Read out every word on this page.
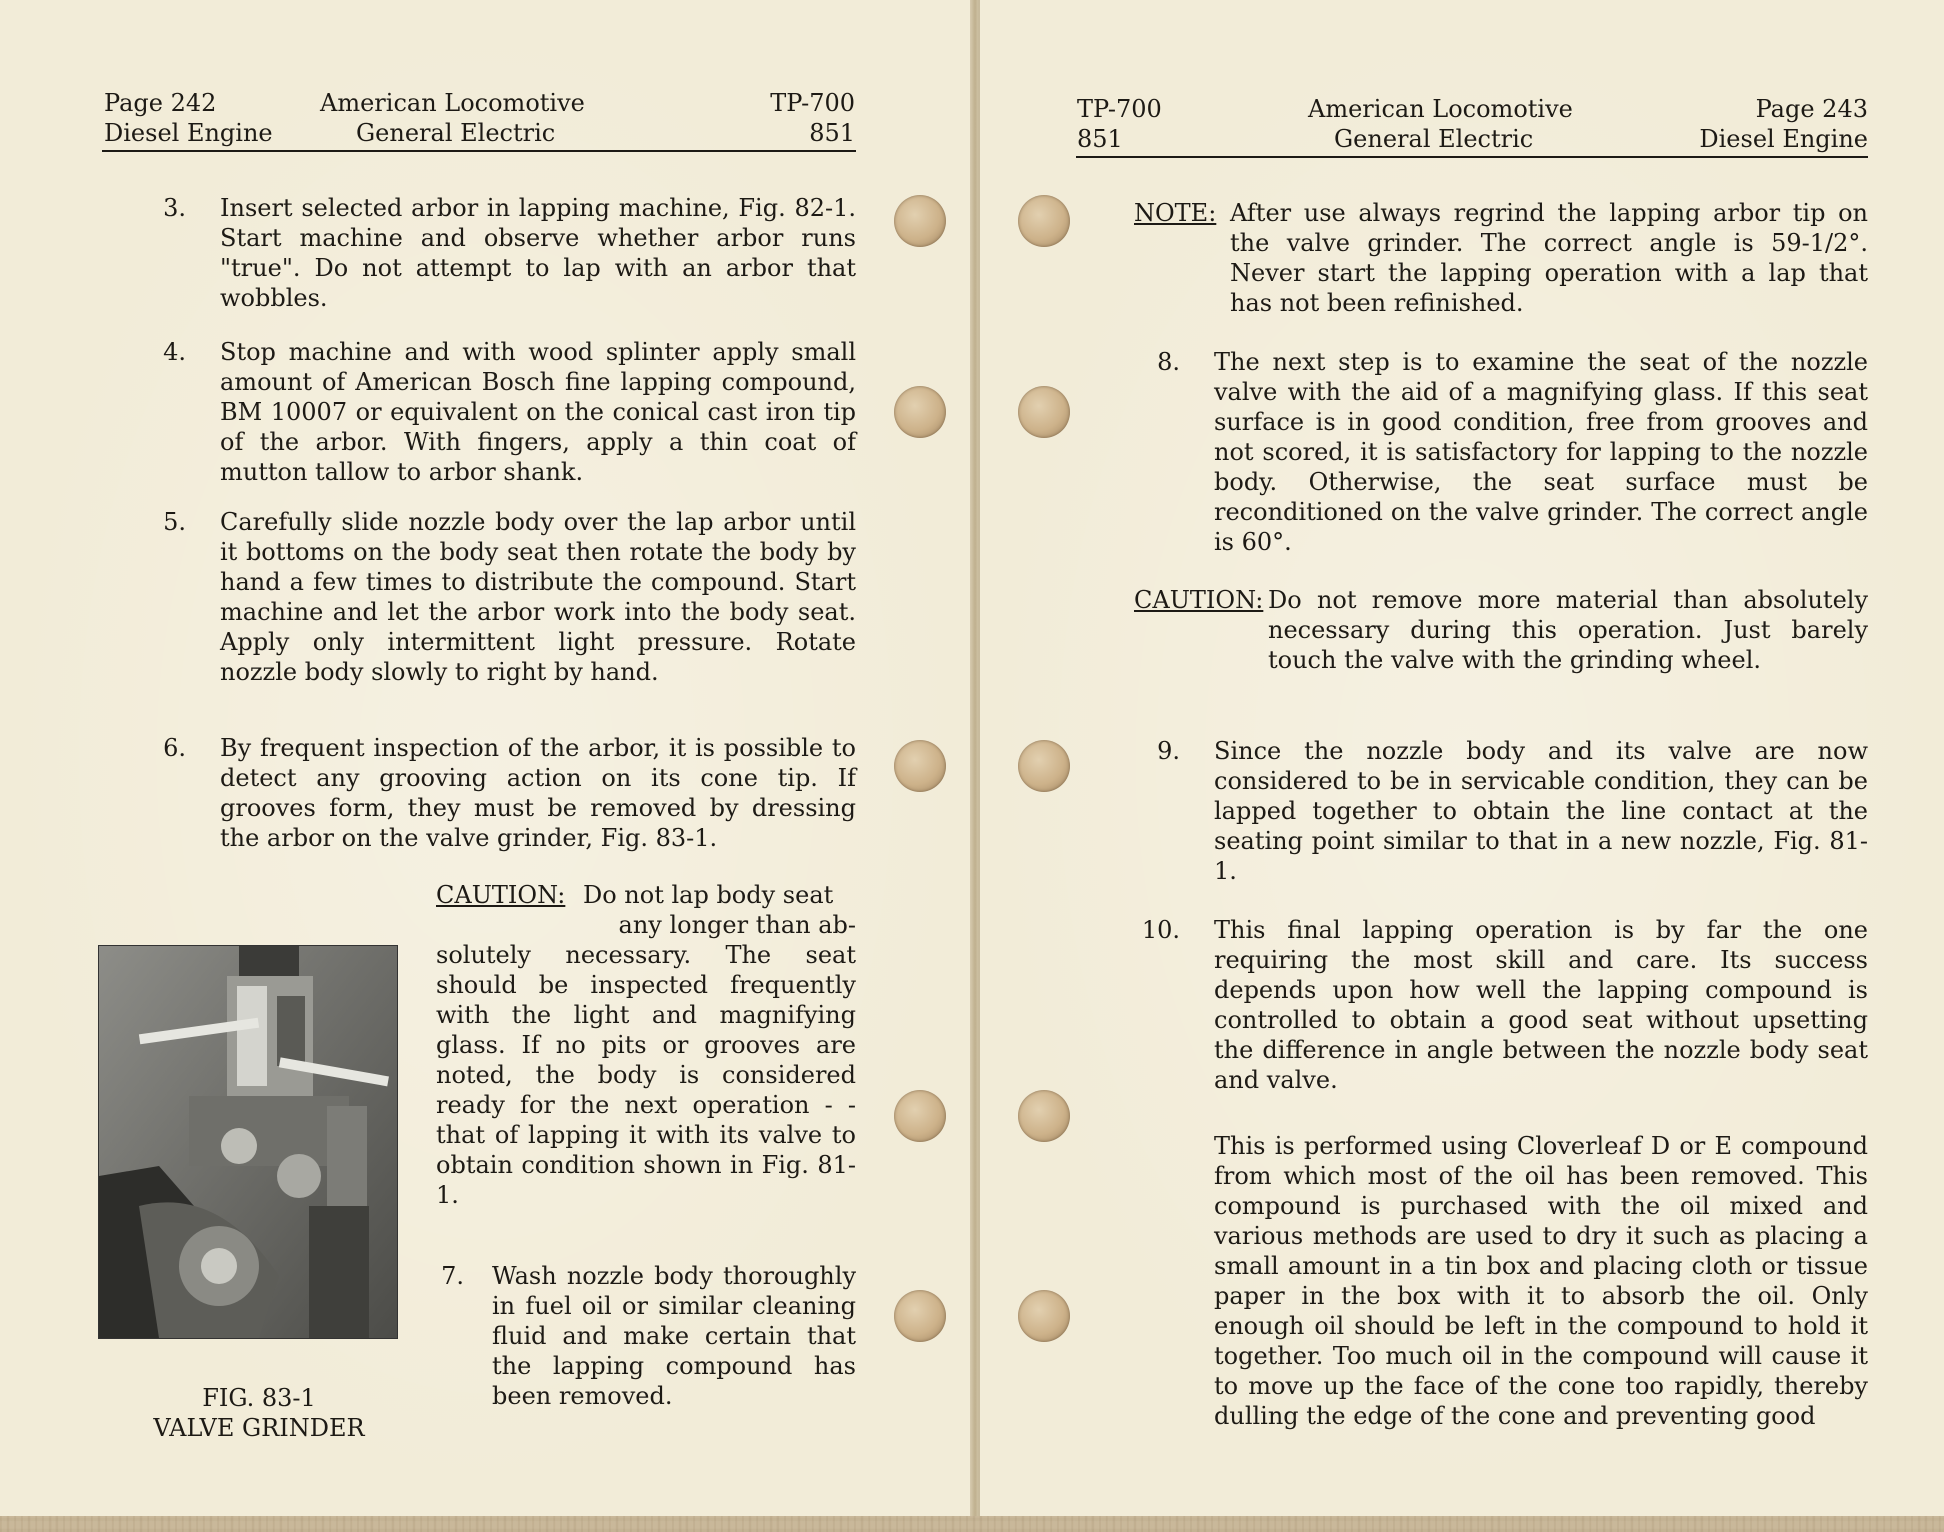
Page 242
Diesel Engine
American Locomotive
General Electric
TP-700
851
3. Insert selected arbor in lapping machine, Fig. 82-1. Start machine and observe whether arbor runs "true". Do not attempt to lap with an arbor that wobbles.
4. Stop machine and with wood splinter apply small amount of American Bosch fine lapping compound, BM 10007 or equivalent on the conical cast iron tip of the arbor. With fingers, apply a thin coat of mutton tallow to arbor shank.
5. Carefully slide nozzle body over the lap arbor until it bottoms on the body seat then rotate the body by hand a few times to distribute the compound. Start machine and let the arbor work into the body seat. Apply only intermittent light pressure. Rotate nozzle body slowly to right by hand.
6. By frequent inspection of the arbor, it is possible to detect any grooving action on its cone tip. If grooves form, they must be removed by dressing the arbor on the valve grinder, Fig. 83-1.
CAUTION: Do not lap body seat
any longer than ab-
solutely necessary. The seat should be inspected frequently with the light and magnifying glass. If no pits or grooves are noted, the body is considered ready for the next operation - - that of lapping it with its valve to obtain condition shown in Fig. 81-1.
FIG. 83-1
VALVE GRINDER
7. Wash nozzle body thoroughly in fuel oil or similar cleaning fluid and make certain that the lapping compound has been removed.
TP-700
851
American Locomotive
General Electric
Page 243
Diesel Engine
NOTE: After use always regrind the lapping arbor tip on the valve grinder. The correct angle is 59-1/2°. Never start the lapping operation with a lap that has not been refinished.
8. The next step is to examine the seat of the nozzle valve with the aid of a magnifying glass. If this seat surface is in good condition, free from grooves and not scored, it is satisfactory for lapping to the nozzle body. Otherwise, the seat surface must be reconditioned on the valve grinder. The correct angle is 60°.
CAUTION: Do not remove more material than absolutely necessary during this operation. Just barely touch the valve with the grinding wheel.
9. Since the nozzle body and its valve are now considered to be in servicable condition, they can be lapped together to obtain the line contact at the seating point similar to that in a new nozzle, Fig. 81-1.
10. This final lapping operation is by far the one requiring the most skill and care. Its success depends upon how well the lapping compound is controlled to obtain a good seat without upsetting the difference in angle between the nozzle body seat and valve.
This is performed using Cloverleaf D or E compound from which most of the oil has been removed. This compound is purchased with the oil mixed and various methods are used to dry it such as placing a small amount in a tin box and placing cloth or tissue paper in the box with it to absorb the oil. Only enough oil should be left in the compound to hold it together. Too much oil in the compound will cause it to move up the face of the cone too rapidly, thereby dulling the edge of the cone and preventing good
